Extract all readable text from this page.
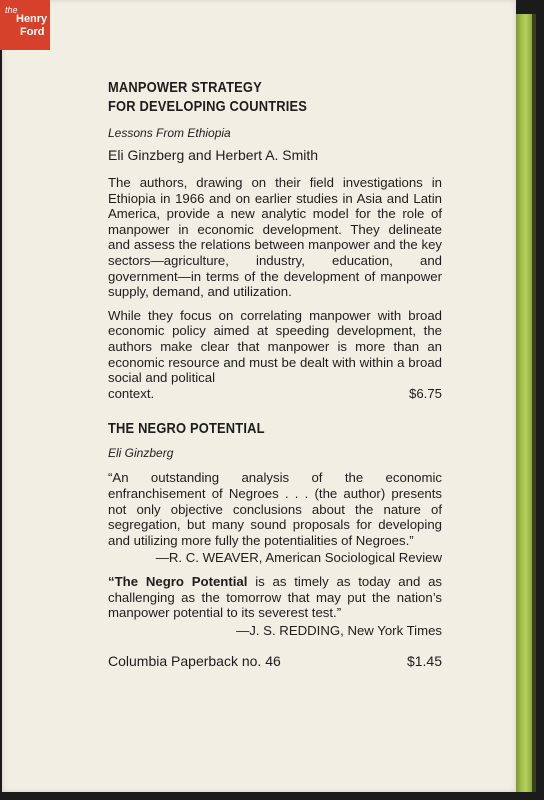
the
Henry
Ford
MANPOWER STRATEGY
FOR DEVELOPING COUNTRIES
Lessons From Ethiopia
Eli Ginzberg and Herbert A. Smith

The authors, drawing on their field investigations in Ethiopia in 1966 and on earlier studies in Asia and Latin America, provide a new analytic model for the role of manpower in economic development. They delineate and assess the relations between manpower and the key sectors—agriculture, industry, education, and government—in terms of the development of manpower supply, demand, and utilization.

While they focus on correlating manpower with broad economic policy aimed at speeding development, the authors make clear that manpower is more than an economic resource and must be dealt with within a broad social and political

context.	$6.75
THE NEGRO POTENTIAL
Eli Ginzberg

“An outstanding analysis of the economic enfranchisement of Negroes . . . (the author) presents not only objective conclusions about the nature of segregation, but many sound proposals for developing and utilizing more fully the potentialities of Negroes.”

—R. C. WEAVER, American Sociological Review

“The Negro Potential is as timely as today and as challenging as the tomorrow that may put the nation’s manpower potential to its severest test.”

—J. S. REDDING, New York Times
Columbia Paperback no. 46	$1.45
